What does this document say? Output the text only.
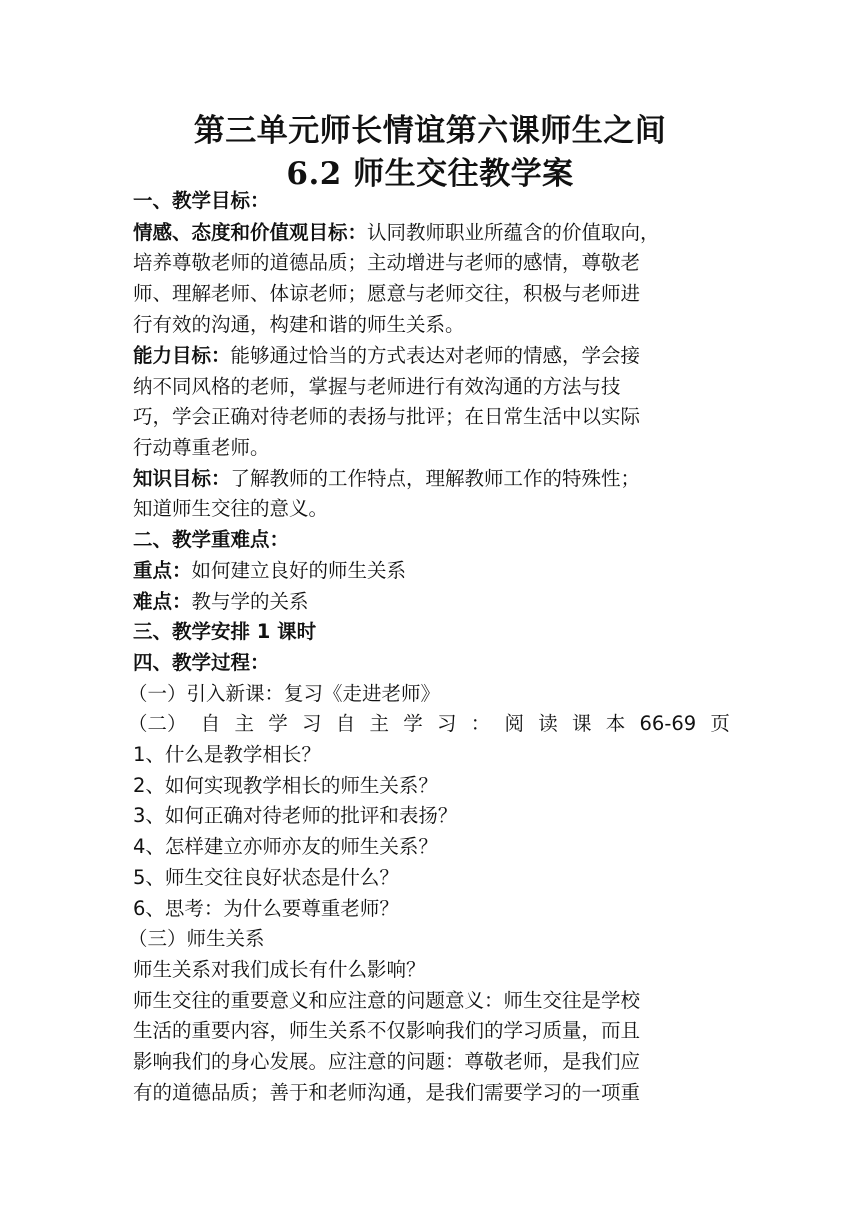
第三单元师长情谊第六课师生之间
6.2 师生交往教学案
一、教学目标：
情感、态度和价值观目标：认同教师职业所蕴含的价值取向，
培养尊敬老师的道德品质；主动增进与老师的感情，尊敬老
师、理解老师、体谅老师；愿意与老师交往，积极与老师进
行有效的沟通，构建和谐的师生关系。
能力目标：能够通过恰当的方式表达对老师的情感，学会接
纳不同风格的老师，掌握与老师进行有效沟通的方法与技
巧，学会正确对待老师的表扬与批评；在日常生活中以实际
行动尊重老师。
知识目标：了解教师的工作特点，理解教师工作的特殊性；
知道师生交往的意义。
二、教学重难点：
重点：如何建立良好的师生关系
难点：教与学的关系
三、教学安排 1 课时
四、教学过程：
（一）引入新课：复习《走进老师》
（二） 自 主 学 习 自 主 学 习 ： 阅 读 课 本 66-69 页
1、什么是教学相长？
2、如何实现教学相长的师生关系？
3、如何正确对待老师的批评和表扬？
4、怎样建立亦师亦友的师生关系？
5、师生交往良好状态是什么？
6、思考：为什么要尊重老师？
（三）师生关系
师生关系对我们成长有什么影响？
师生交往的重要意义和应注意的问题意义：师生交往是学校
生活的重要内容，师生关系不仅影响我们的学习质量，而且
影响我们的身心发展。应注意的问题：尊敬老师，是我们应
有的道德品质；善于和老师沟通，是我们需要学习的一项重
